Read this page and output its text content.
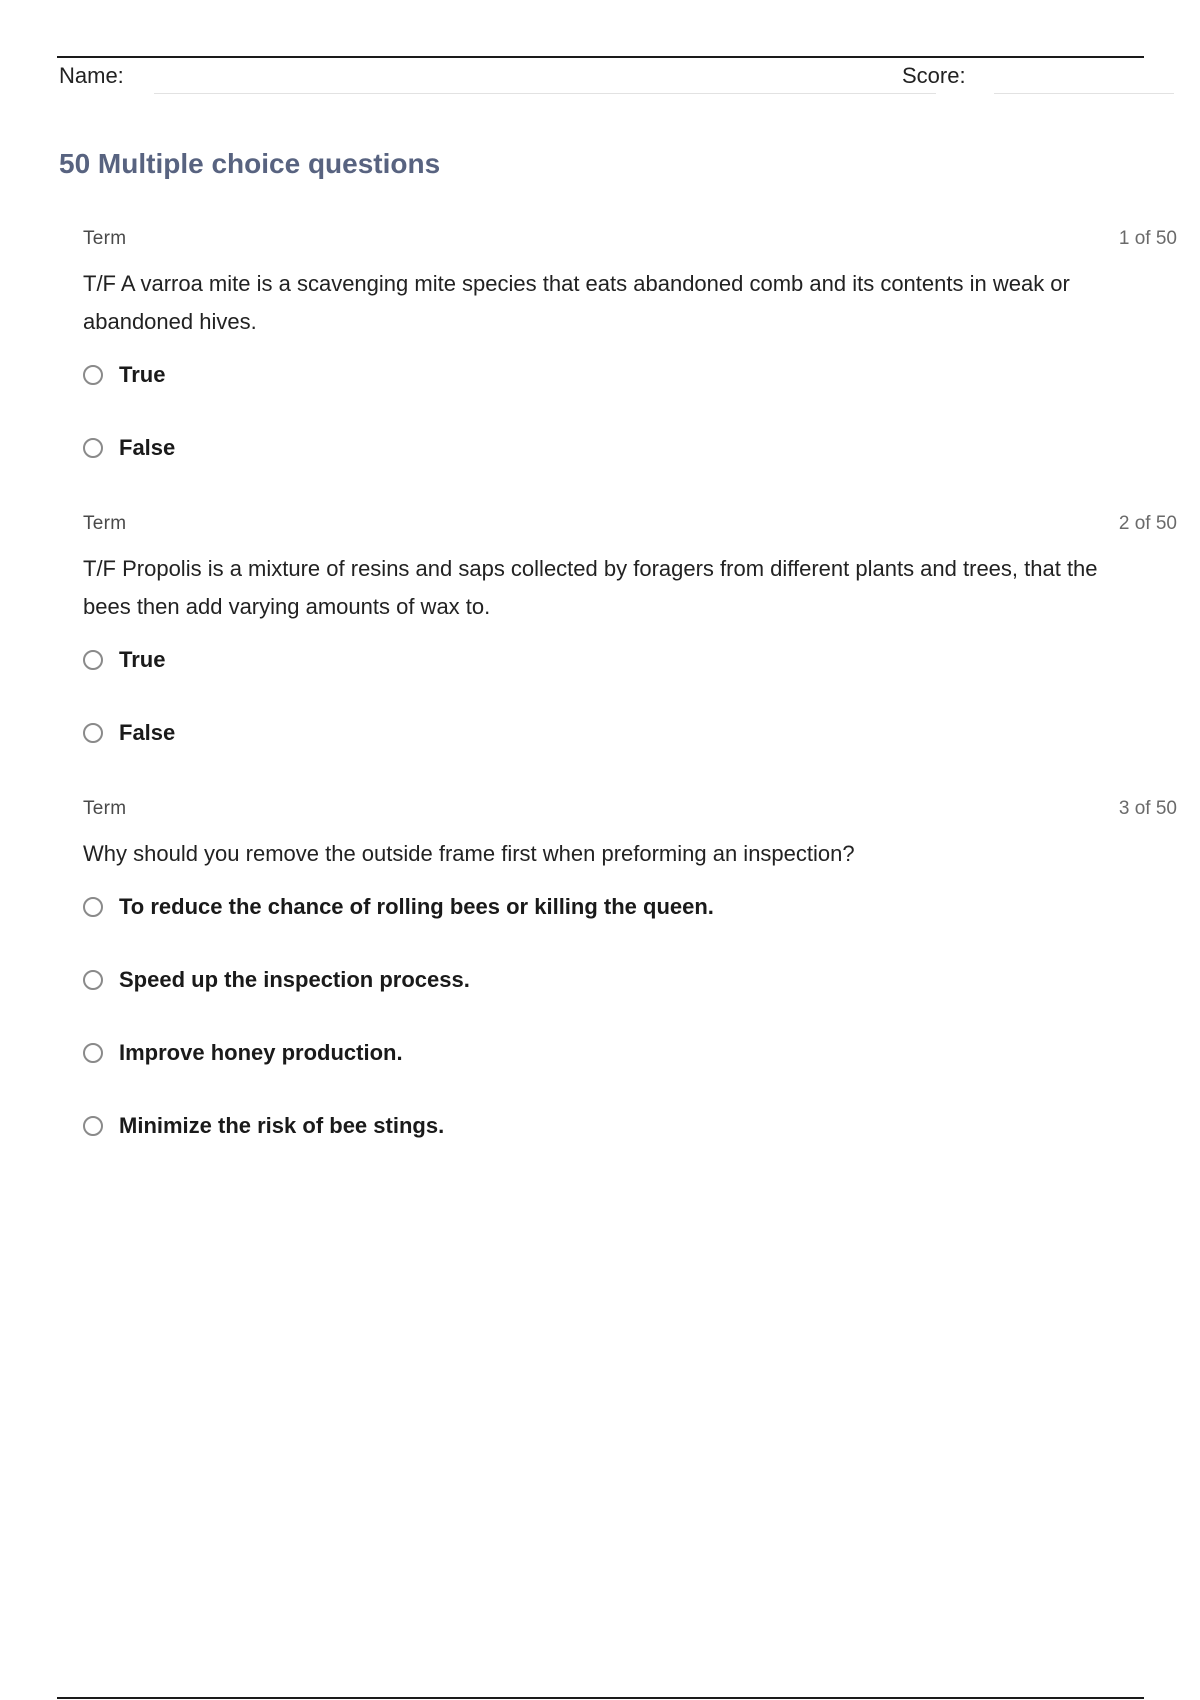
Name:	Score:
50 Multiple choice questions
Term	1 of 50
T/F A varroa mite is a scavenging mite species that eats abandoned comb and its contents in weak or abandoned hives.
True
False
Term	2 of 50
T/F Propolis is a mixture of resins and saps collected by foragers from different plants and trees, that the bees then add varying amounts of wax to.
True
False
Term	3 of 50
Why should you remove the outside frame first when preforming an inspection?
To reduce the chance of rolling bees or killing the queen.
Speed up the inspection process.
Improve honey production.
Minimize the risk of bee stings.
